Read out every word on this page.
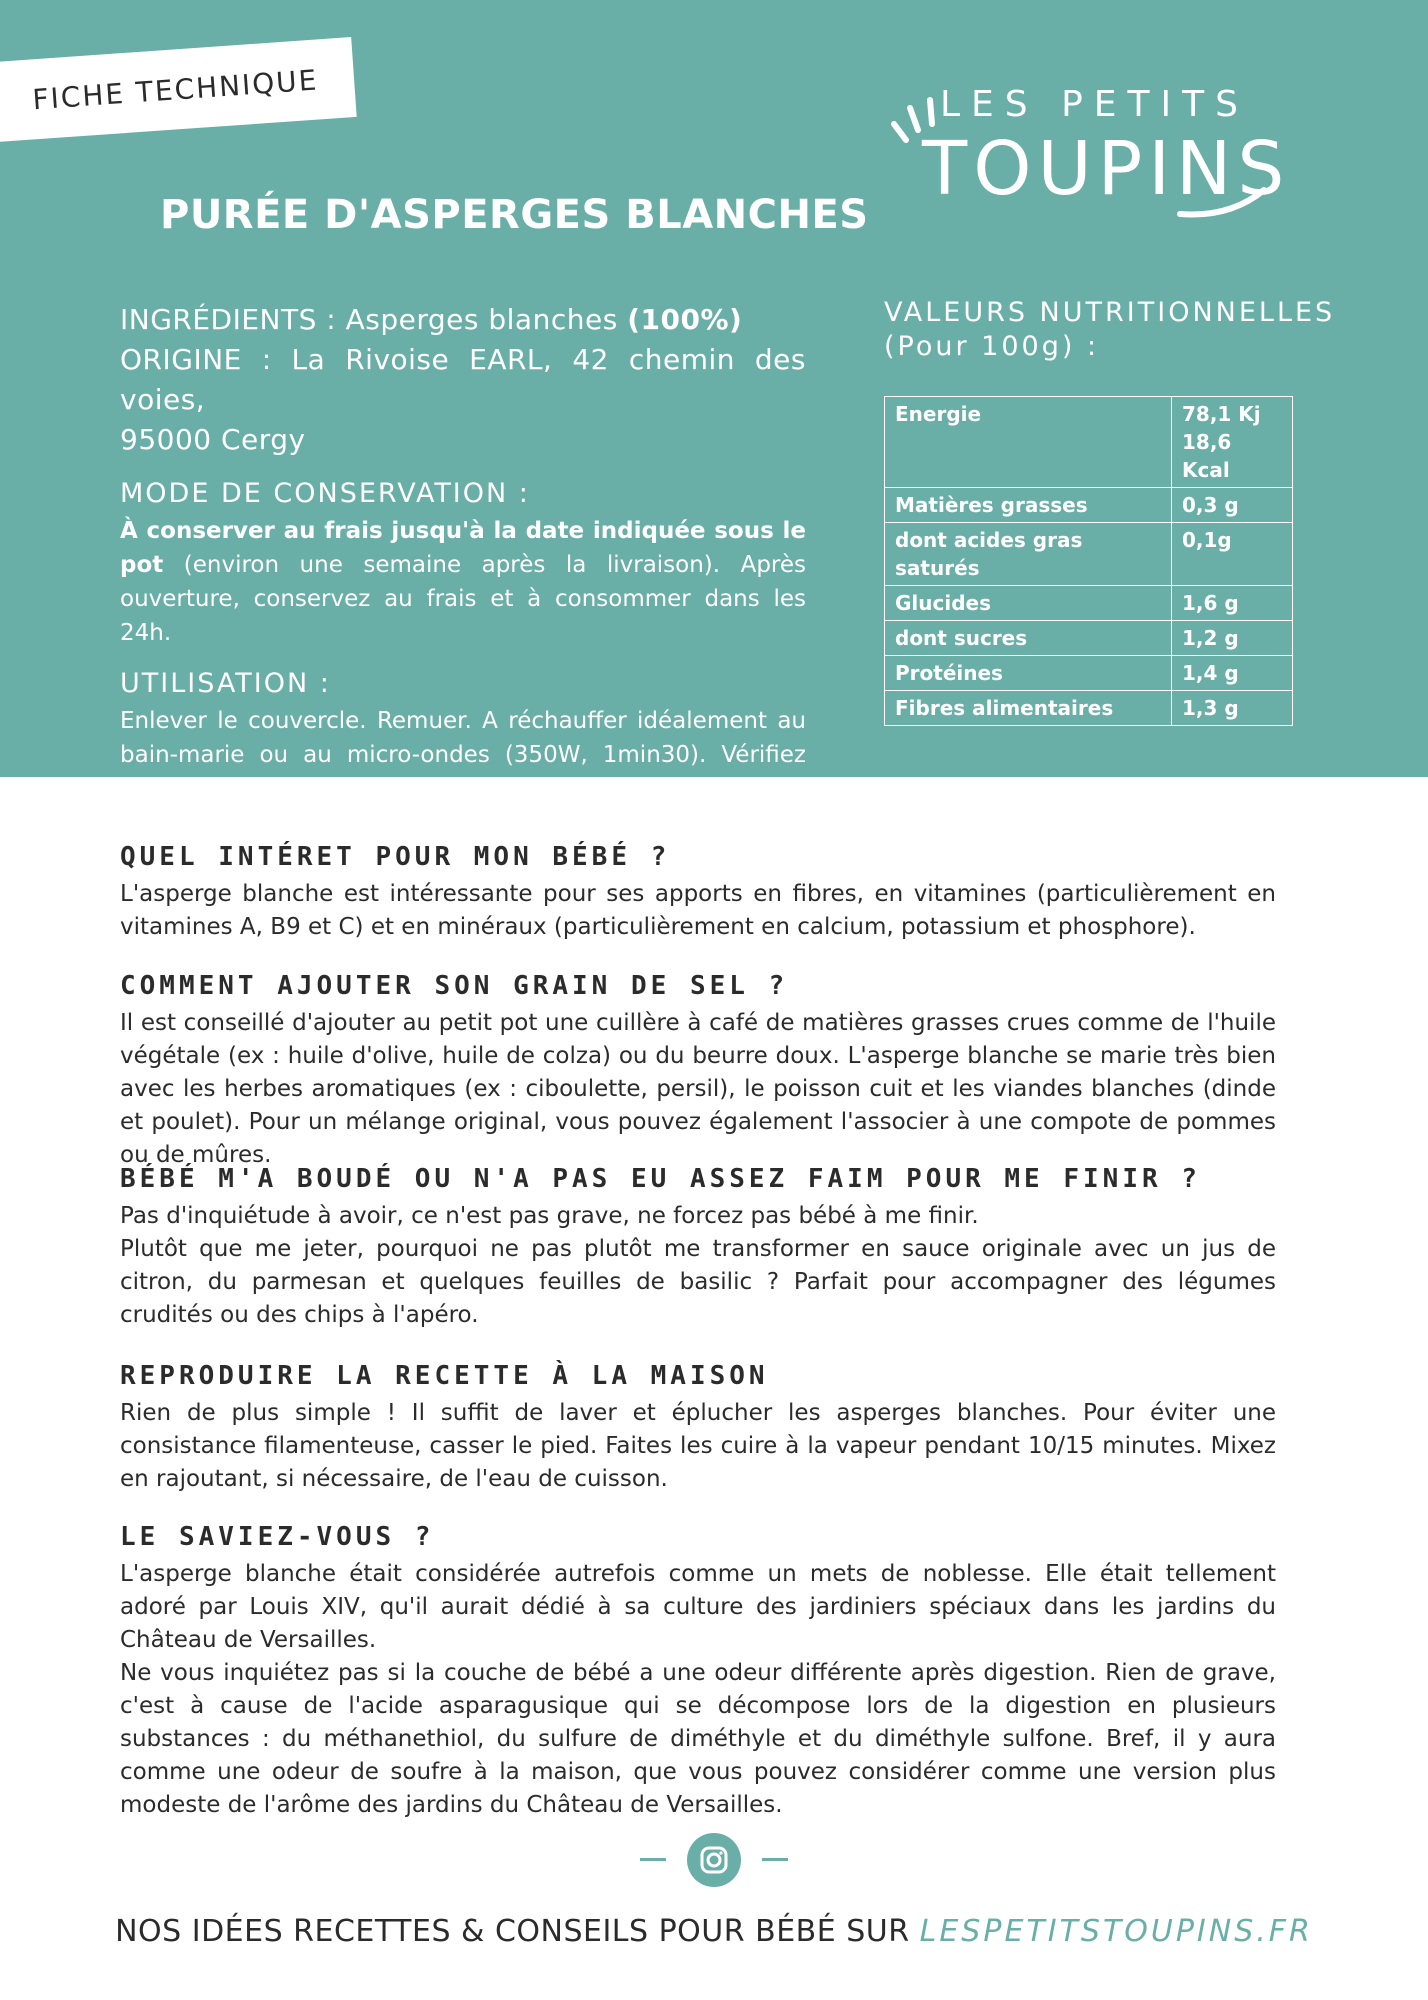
FICHE TECHNIQUE
PURÉE D'ASPERGES BLANCHES
LES PETITS
TOUPINS
INGRÉDIENTS : Asperges blanches (100%)
ORIGINE : La Rivoise EARL, 42 chemin des voies,
95000 Cergy
MODE DE CONSERVATION :
À conserver au frais jusqu'à la date indiquée sous le pot (environ une semaine après la livraison). Après ouverture, conservez au frais et à consommer dans les 24h.
UTILISATION :
Enlever le couvercle. Remuer. A réchauffer idéalement au bain-marie ou au micro-ondes (350W, 1min30). Vérifiez systématiquement la température avant de donner à bébé.
VALEURS NUTRITIONNELLES
(Pour 100g) :
Energie	78,1 Kj
18,6 Kcal

Matières grasses	0,3 g
dont acides gras saturés	0,1g
Glucides	1,6 g
dont sucres	1,2 g
Protéines	1,4 g
Fibres alimentaires	1,3 g
QUEL INTÉRET POUR MON BÉBÉ ?
L'asperge blanche est intéressante pour ses apports en fibres, en vitamines (particulièrement en vitamines A, B9 et C) et en minéraux (particulièrement en calcium, potassium et phosphore).
COMMENT AJOUTER SON GRAIN DE SEL ?
Il est conseillé d'ajouter au petit pot une cuillère à café de matières grasses crues comme de l'huile végétale (ex : huile d'olive, huile de colza) ou du beurre doux. L'asperge blanche se marie très bien avec les herbes aromatiques (ex : ciboulette, persil), le poisson cuit et les viandes blanches (dinde et poulet). Pour un mélange original, vous pouvez également l'associer à une compote de pommes ou de mûres.
BÉBÉ M'A BOUDÉ OU N'A PAS EU ASSEZ FAIM POUR ME FINIR ?
Pas d'inquiétude à avoir, ce n'est pas grave, ne forcez pas bébé à me finir.
Plutôt que me jeter, pourquoi ne pas plutôt me transformer en sauce originale avec un jus de citron, du parmesan et quelques feuilles de basilic ? Parfait pour accompagner des légumes crudités ou des chips à l'apéro.
REPRODUIRE LA RECETTE À LA MAISON
Rien de plus simple ! Il suffit de laver et éplucher les asperges blanches. Pour éviter une consistance filamenteuse, casser le pied. Faites les cuire à la vapeur pendant 10/15 minutes. Mixez en rajoutant, si nécessaire, de l'eau de cuisson.
LE SAVIEZ-VOUS ?
L'asperge blanche était considérée autrefois comme un mets de noblesse. Elle était tellement adoré par Louis XIV, qu'il aurait dédié à sa culture des jardiniers spéciaux dans les jardins du Château de Versailles.
Ne vous inquiétez pas si la couche de bébé a une odeur différente après digestion. Rien de grave, c'est à cause de l'acide asparagusique qui se décompose lors de la digestion en plusieurs substances : du méthanethiol, du sulfure de diméthyle et du diméthyle sulfone. Bref, il y aura comme une odeur de soufre à la maison, que vous pouvez considérer comme une version plus modeste de l'arôme des jardins du Château de Versailles.
NOS IDÉES RECETTES & CONSEILS POUR BÉBÉ SUR LESPETITSTOUPINS.FR
